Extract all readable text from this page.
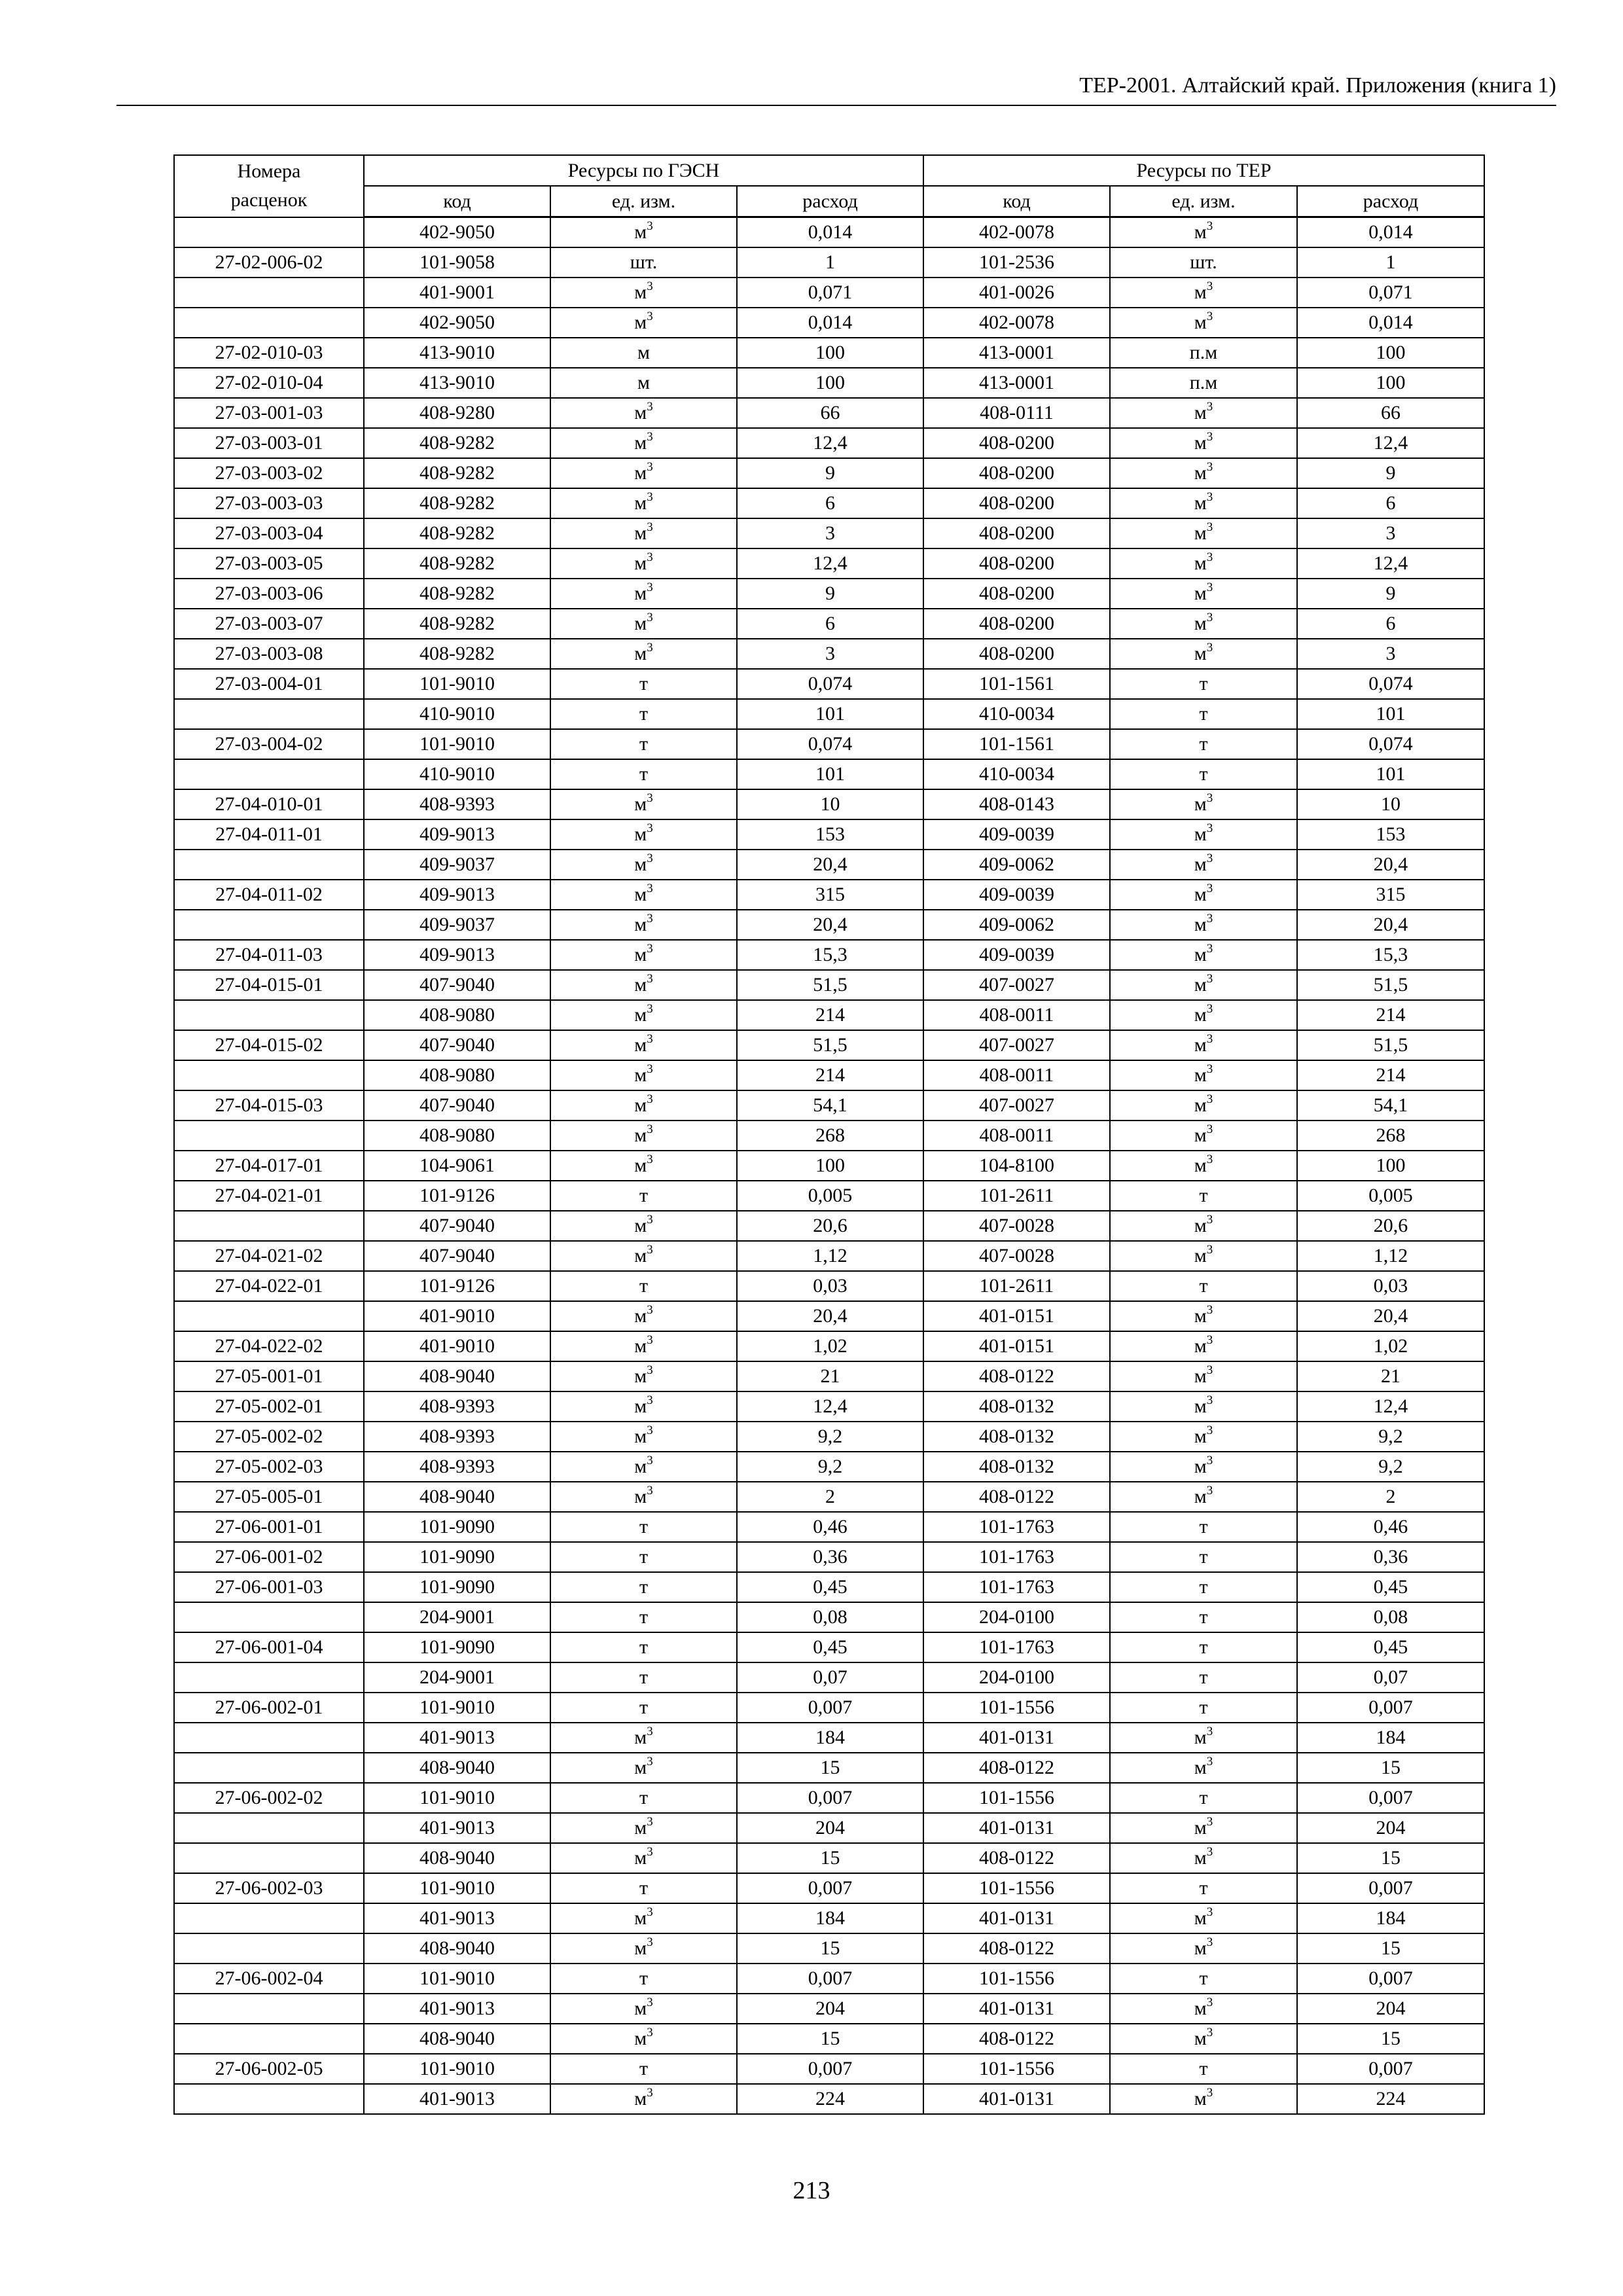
ТЕР-2001. Алтайский край. Приложения (книга 1)
Номера
расценок	Ресурсы по ГЭСН			Ресурсы по ТЕР		
	код	ед. изм.	расход	код	ед. изм.	расход
	402-9050	$м^3$	0,014	402-0078	$м^3$	0,014
27-02-006-02	101-9058	шт.	1	101-2536	шт.	1
	401-9001	$м^3$	0,071	401-0026	$м^3$	0,071
	402-9050	$м^3$	0,014	402-0078	$м^3$	0,014
27-02-010-03	413-9010	м	100	413-0001	п.м	100
27-02-010-04	413-9010	м	100	413-0001	п.м	100
27-03-001-03	408-9280	$м^3$	66	408-0111	$м^3$	66
27-03-003-01	408-9282	$м^3$	12,4	408-0200	$м^3$	12,4
27-03-003-02	408-9282	$м^3$	9	408-0200	$м^3$	9
27-03-003-03	408-9282	$м^3$	6	408-0200	$м^3$	6
27-03-003-04	408-9282	$м^3$	3	408-0200	$м^3$	3
27-03-003-05	408-9282	$м^3$	12,4	408-0200	$м^3$	12,4
27-03-003-06	408-9282	$м^3$	9	408-0200	$м^3$	9
27-03-003-07	408-9282	$м^3$	6	408-0200	$м^3$	6
27-03-003-08	408-9282	$м^3$	3	408-0200	$м^3$	3
27-03-004-01	101-9010	т	0,074	101-1561	т	0,074
	410-9010	т	101	410-0034	т	101
27-03-004-02	101-9010	т	0,074	101-1561	т	0,074
	410-9010	т	101	410-0034	т	101
27-04-010-01	408-9393	$м^3$	10	408-0143	$м^3$	10
27-04-011-01	409-9013	$м^3$	153	409-0039	$м^3$	153
	409-9037	$м^3$	20,4	409-0062	$м^3$	20,4
27-04-011-02	409-9013	$м^3$	315	409-0039	$м^3$	315
	409-9037	$м^3$	20,4	409-0062	$м^3$	20,4
27-04-011-03	409-9013	$м^3$	15,3	409-0039	$м^3$	15,3
27-04-015-01	407-9040	$м^3$	51,5	407-0027	$м^3$	51,5
	408-9080	$м^3$	214	408-0011	$м^3$	214
27-04-015-02	407-9040	$м^3$	51,5	407-0027	$м^3$	51,5
	408-9080	$м^3$	214	408-0011	$м^3$	214
27-04-015-03	407-9040	$м^3$	54,1	407-0027	$м^3$	54,1
	408-9080	$м^3$	268	408-0011	$м^3$	268
27-04-017-01	104-9061	$м^3$	100	104-8100	$м^3$	100
27-04-021-01	101-9126	т	0,005	101-2611	т	0,005
	407-9040	$м^3$	20,6	407-0028	$м^3$	20,6
27-04-021-02	407-9040	$м^3$	1,12	407-0028	$м^3$	1,12
27-04-022-01	101-9126	т	0,03	101-2611	т	0,03
	401-9010	$м^3$	20,4	401-0151	$м^3$	20,4
27-04-022-02	401-9010	$м^3$	1,02	401-0151	$м^3$	1,02
27-05-001-01	408-9040	$м^3$	21	408-0122	$м^3$	21
27-05-002-01	408-9393	$м^3$	12,4	408-0132	$м^3$	12,4
27-05-002-02	408-9393	$м^3$	9,2	408-0132	$м^3$	9,2
27-05-002-03	408-9393	$м^3$	9,2	408-0132	$м^3$	9,2
27-05-005-01	408-9040	$м^3$	2	408-0122	$м^3$	2
27-06-001-01	101-9090	т	0,46	101-1763	т	0,46
27-06-001-02	101-9090	т	0,36	101-1763	т	0,36
27-06-001-03	101-9090	т	0,45	101-1763	т	0,45
	204-9001	т	0,08	204-0100	т	0,08
27-06-001-04	101-9090	т	0,45	101-1763	т	0,45
	204-9001	т	0,07	204-0100	т	0,07
27-06-002-01	101-9010	т	0,007	101-1556	т	0,007
	401-9013	$м^3$	184	401-0131	$м^3$	184
	408-9040	$м^3$	15	408-0122	$м^3$	15
27-06-002-02	101-9010	т	0,007	101-1556	т	0,007
	401-9013	$м^3$	204	401-0131	$м^3$	204
	408-9040	$м^3$	15	408-0122	$м^3$	15
27-06-002-03	101-9010	т	0,007	101-1556	т	0,007
	401-9013	$м^3$	184	401-0131	$м^3$	184
	408-9040	$м^3$	15	408-0122	$м^3$	15
27-06-002-04	101-9010	т	0,007	101-1556	т	0,007
	401-9013	$м^3$	204	401-0131	$м^3$	204
	408-9040	$м^3$	15	408-0122	$м^3$	15
27-06-002-05	101-9010	т	0,007	101-1556	т	0,007
	401-9013	$м^3$	224	401-0131	$м^3$	224
213
